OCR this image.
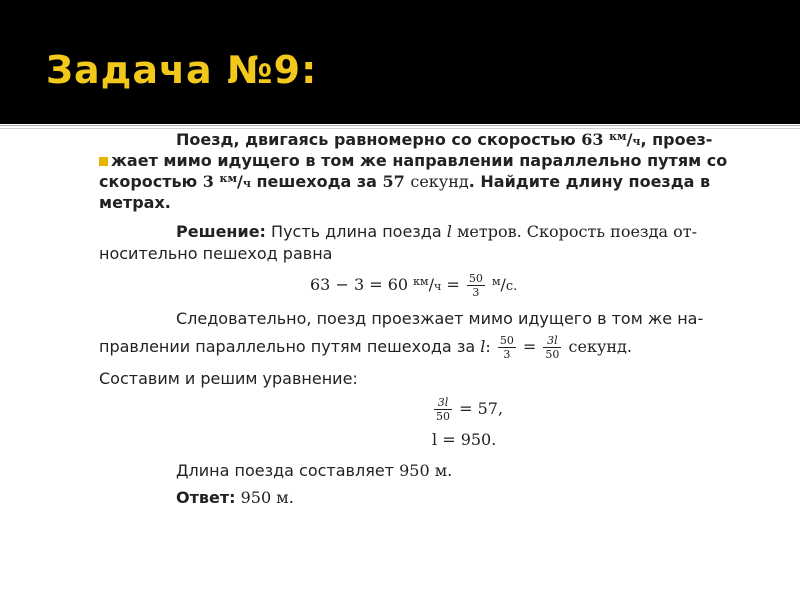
Задача №9:
Поезд, двигаясь равномерно со скоростью 63 $^{км}$/ч, проез-
жает мимо идущего в том же направлении параллельно путям со
скоростью 3 $^{км}$/ч пешехода за 57 секунд. Найдите длину поезда в
метрах.
Решение: Пусть длина поезда l метров. Скорость поезда от-
носительно пешеход равна
63 − 3 = 60 $^{км}/ч = \frac{50}{3} ^м/с$.
Следовательно, поезд проезжает мимо идущего в том же на-
правлении параллельно путям пешехода за l: $\frac{50}{3} = \frac{3l}{50}$ секунд.
Составим и решим уравнение:
$\frac{3l}{50} = 57$,
l = 950.
Длина поезда составляет 950 м.
Ответ: 950 м.
